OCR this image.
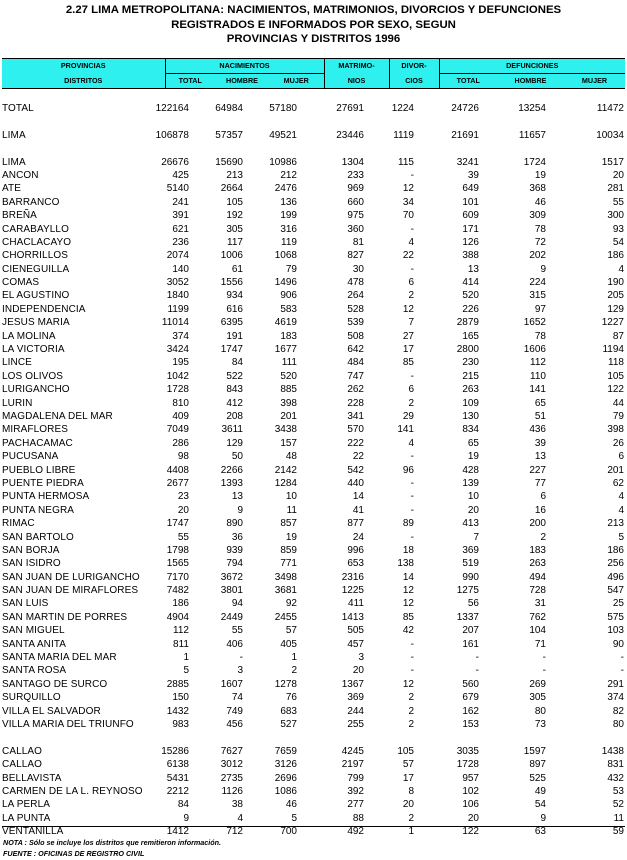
2.27 LIMA METROPOLITANA: NACIMIENTOS, MATRIMONIOS, DIVORCIOS Y DEFUNCIONES
REGISTRADOS E INFORMADOS POR SEXO, SEGUN
PROVINCIAS Y DISTRITOS 1996
PROVINCIAS	NACIMIENTOS			MATRIMO-	DIVOR-	DEFUNCIONES		
DISTRITOS	TOTAL	HOMBRE	MUJER	NIOS	CIOS	TOTAL	HOMBRE	MUJER
TOTAL	122164	64984	57180	27691	1224	24726	13254	11472
LIMA	106878	57357	49521	23446	1119	21691	11657	10034
LIMA	26676	15690	10986	1304	115	3241	1724	1517
ANCON	425	213	212	233	-	39	19	20
ATE	5140	2664	2476	969	12	649	368	281
BARRANCO	241	105	136	660	34	101	46	55
BREÑA	391	192	199	975	70	609	309	300
CARABAYLLO	621	305	316	360	-	171	78	93
CHACLACAYO	236	117	119	81	4	126	72	54
CHORRILLOS	2074	1006	1068	827	22	388	202	186
CIENEGUILLA	140	61	79	30	-	13	9	4
COMAS	3052	1556	1496	478	6	414	224	190
EL AGUSTINO	1840	934	906	264	2	520	315	205
INDEPENDENCIA	1199	616	583	528	12	226	97	129
JESUS MARIA	11014	6395	4619	539	7	2879	1652	1227
LA MOLINA	374	191	183	508	27	165	78	87
LA VICTORIA	3424	1747	1677	642	17	2800	1606	1194
LINCE	195	84	111	484	85	230	112	118
LOS OLIVOS	1042	522	520	747	-	215	110	105
LURIGANCHO	1728	843	885	262	6	263	141	122
LURIN	810	412	398	228	2	109	65	44
MAGDALENA DEL MAR	409	208	201	341	29	130	51	79
MIRAFLORES	7049	3611	3438	570	141	834	436	398
PACHACAMAC	286	129	157	222	4	65	39	26
PUCUSANA	98	50	48	22	-	19	13	6
PUEBLO LIBRE	4408	2266	2142	542	96	428	227	201
PUENTE PIEDRA	2677	1393	1284	440	-	139	77	62
PUNTA HERMOSA	23	13	10	14	-	10	6	4
PUNTA NEGRA	20	9	11	41	-	20	16	4
RIMAC	1747	890	857	877	89	413	200	213
SAN BARTOLO	55	36	19	24	-	7	2	5
SAN BORJA	1798	939	859	996	18	369	183	186
SAN ISIDRO	1565	794	771	653	138	519	263	256
SAN JUAN DE LURIGANCHO	7170	3672	3498	2316	14	990	494	496
SAN JUAN DE MIRAFLORES	7482	3801	3681	1225	12	1275	728	547
SAN LUIS	186	94	92	411	12	56	31	25
SAN MARTIN DE PORRES	4904	2449	2455	1413	85	1337	762	575
SAN MIGUEL	112	55	57	505	42	207	104	103
SANTA ANITA	811	406	405	457	-	161	71	90
SANTA MARIA DEL MAR	1	-	1	3	-	-	-	-
SANTA ROSA	5	3	2	20	-	-	-	-
SANTAGO DE SURCO	2885	1607	1278	1367	12	560	269	291
SURQUILLO	150	74	76	369	2	679	305	374
VILLA EL SALVADOR	1432	749	683	244	2	162	80	82
VILLA MARIA DEL TRIUNFO	983	456	527	255	2	153	73	80
CALLAO	15286	7627	7659	4245	105	3035	1597	1438
CALLAO	6138	3012	3126	2197	57	1728	897	831
BELLAVISTA	5431	2735	2696	799	17	957	525	432
CARMEN DE LA L. REYNOSO	2212	1126	1086	392	8	102	49	53
LA PERLA	84	38	46	277	20	106	54	52
LA PUNTA	9	4	5	88	2	20	9	11
VENTANILLA	1412	712	700	492	1	122	63	59
NOTA : Sólo se incluye los distritos que remitieron información.
FUENTE : OFICINAS DE REGISTRO CIVIL
